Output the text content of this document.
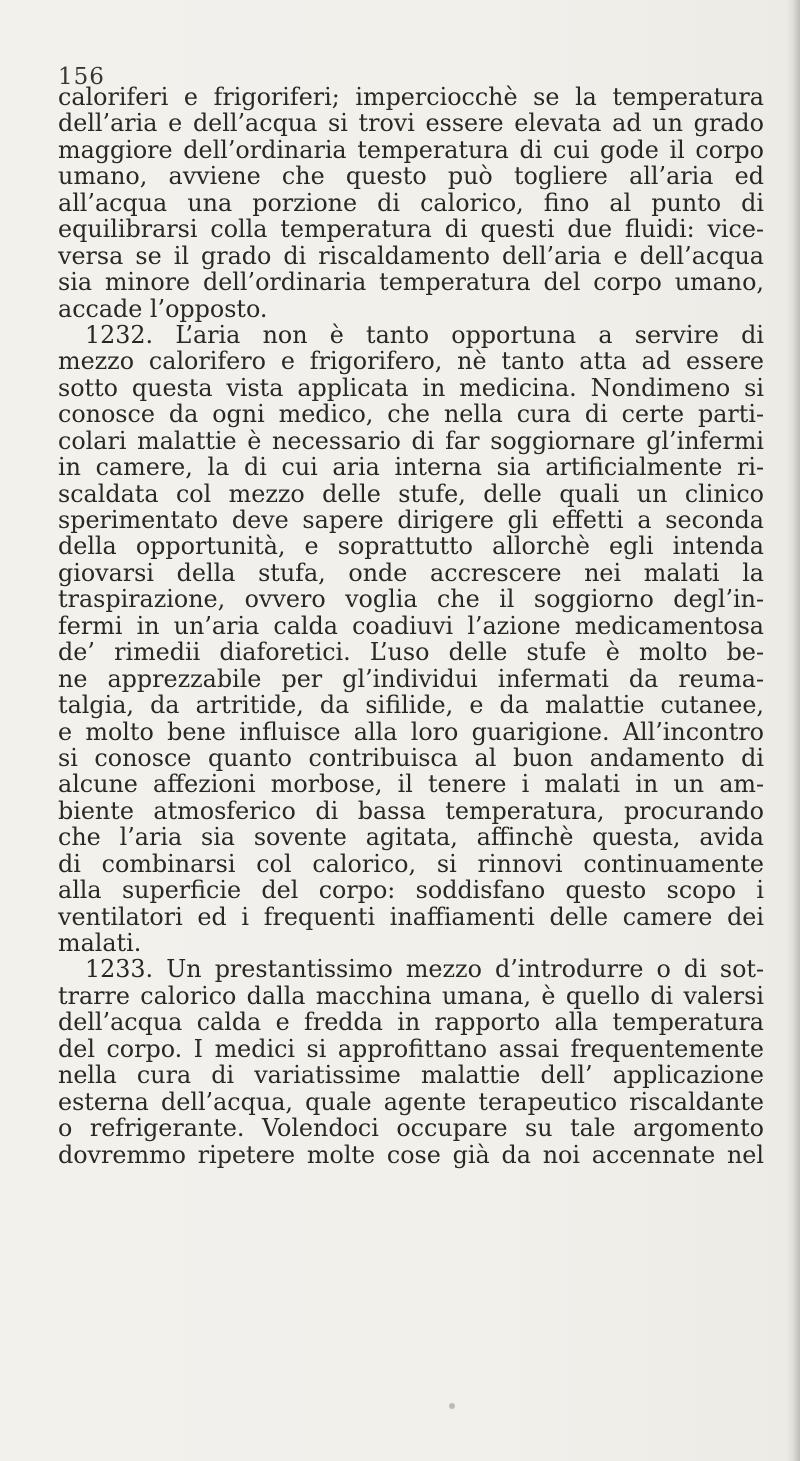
156
caloriferi e frigoriferi; imperciocchè se la temperatura
dell’aria e dell’acqua si trovi essere elevata ad un grado
maggiore dell’ordinaria temperatura di cui gode il corpo
umano, avviene che questo può togliere all’aria ed
all’acqua una porzione di calorico, fino al punto di
equilibrarsi colla temperatura di questi due fluidi: vice-
versa se il grado di riscaldamento dell’aria e dell’acqua
sia minore dell’ordinaria temperatura del corpo umano,
accade l’opposto.
1232. L’aria non è tanto opportuna a servire di
mezzo calorifero e frigorifero, nè tanto atta ad essere
sotto questa vista applicata in medicina. Nondimeno si
conosce da ogni medico, che nella cura di certe parti-
colari malattie è necessario di far soggiornare gl’infermi
in camere, la di cui aria interna sia artificialmente ri-
scaldata col mezzo delle stufe, delle quali un clinico
sperimentato deve sapere dirigere gli effetti a seconda
della opportunità, e soprattutto allorchè egli intenda
giovarsi della stufa, onde accrescere nei malati la
traspirazione, ovvero voglia che il soggiorno degl’in-
fermi in un’aria calda coadiuvi l’azione medicamentosa
de’ rimedii diaforetici. L’uso delle stufe è molto be-
ne apprezzabile per gl’individui infermati da reuma-
talgia, da artritide, da sifilide, e da malattie cutanee,
e molto bene influisce alla loro guarigione. All’incontro
si conosce quanto contribuisca al buon andamento di
alcune affezioni morbose, il tenere i malati in un am-
biente atmosferico di bassa temperatura, procurando
che l’aria sia sovente agitata, affinchè questa, avida
di combinarsi col calorico, si rinnovi continuamente
alla superficie del corpo: soddisfano questo scopo i
ventilatori ed i frequenti inaffiamenti delle camere dei
malati.
1233. Un prestantissimo mezzo d’introdurre o di sot-
trarre calorico dalla macchina umana, è quello di valersi
dell’acqua calda e fredda in rapporto alla temperatura
del corpo. I medici si approfittano assai frequentemente
nella cura di variatissime malattie dell’ applicazione
esterna dell’acqua, quale agente terapeutico riscaldante
o refrigerante. Volendoci occupare su tale argomento
dovremmo ripetere molte cose già da noi accennate nel
